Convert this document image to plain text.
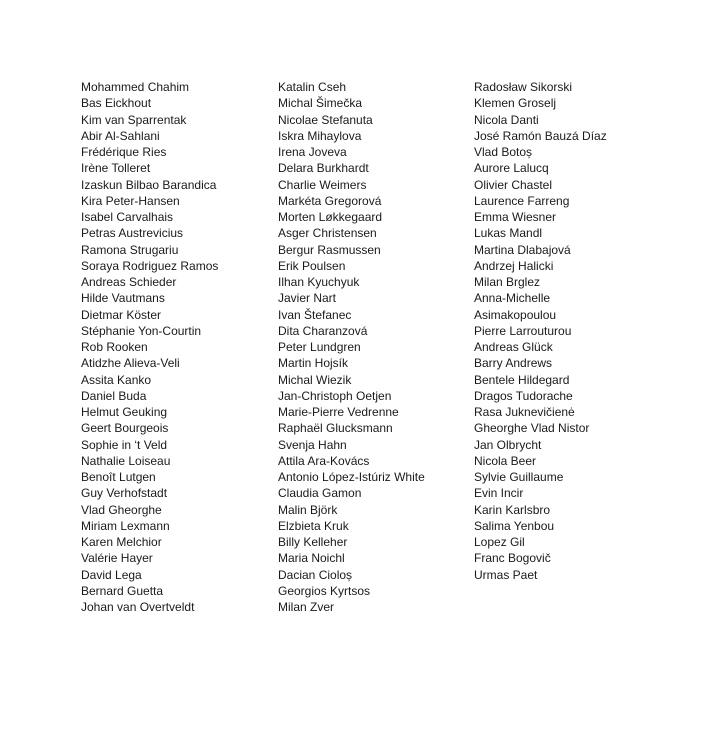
Mohammed Chahim
Bas Eickhout
Kim van Sparrentak
Abir Al-Sahlani
Frédérique Ries
Irène Tolleret
Izaskun Bilbao Barandica
Kira Peter-Hansen
Isabel Carvalhais
Petras Austrevicius
Ramona Strugariu
Soraya Rodriguez Ramos
Andreas Schieder
Hilde Vautmans
Dietmar Köster
Stéphanie Yon-Courtin
Rob Rooken
Atidzhe Alieva-Veli
Assita Kanko
Daniel Buda
Helmut Geuking
Geert Bourgeois
Sophie in ‘t Veld
Nathalie Loiseau
Benoît Lutgen
Guy Verhofstadt
Vlad Gheorghe
Miriam Lexmann
Karen Melchior
Valérie Hayer
David Lega
Bernard Guetta
Johan van Overtveldt
Katalin Cseh
Michal Šimečka
Nicolae Stefanuta
Iskra Mihaylova
Irena Joveva
Delara Burkhardt
Charlie Weimers
Markéta Gregorová
Morten Løkkegaard
Asger Christensen
Bergur Rasmussen
Erik Poulsen
Ilhan Kyuchyuk
Javier Nart
Ivan Štefanec
Dita Charanzová
Peter Lundgren
Martin Hojsík
Michal Wiezik
Jan-Christoph Oetjen
Marie-Pierre Vedrenne
Raphaël Glucksmann
Svenja Hahn
Attila Ara-Kovács
Antonio López-Istúriz White
Claudia Gamon
Malin Björk
Elzbieta Kruk
Billy Kelleher
Maria Noichl
Dacian Cioloș
Georgios Kyrtsos
Milan Zver
Radosław Sikorski
Klemen Groselj
Nicola Danti
José Ramón Bauzá Díaz
Vlad Botoș
Aurore Lalucq
Olivier Chastel
Laurence Farreng
Emma Wiesner
Lukas Mandl
Martina Dlabajová
Andrzej Halicki
Milan Brglez
Anna-Michelle
Asimakopoulou
Pierre Larrouturou
Andreas Glück
Barry Andrews
Bentele Hildegard
Dragos Tudorache
Rasa Juknevičienė
Gheorghe Vlad Nistor
Jan Olbrycht
Nicola Beer
Sylvie Guillaume
Evin Incir
Karin Karlsbro
Salima Yenbou
Lopez Gil
Franc Bogovič
Urmas Paet
